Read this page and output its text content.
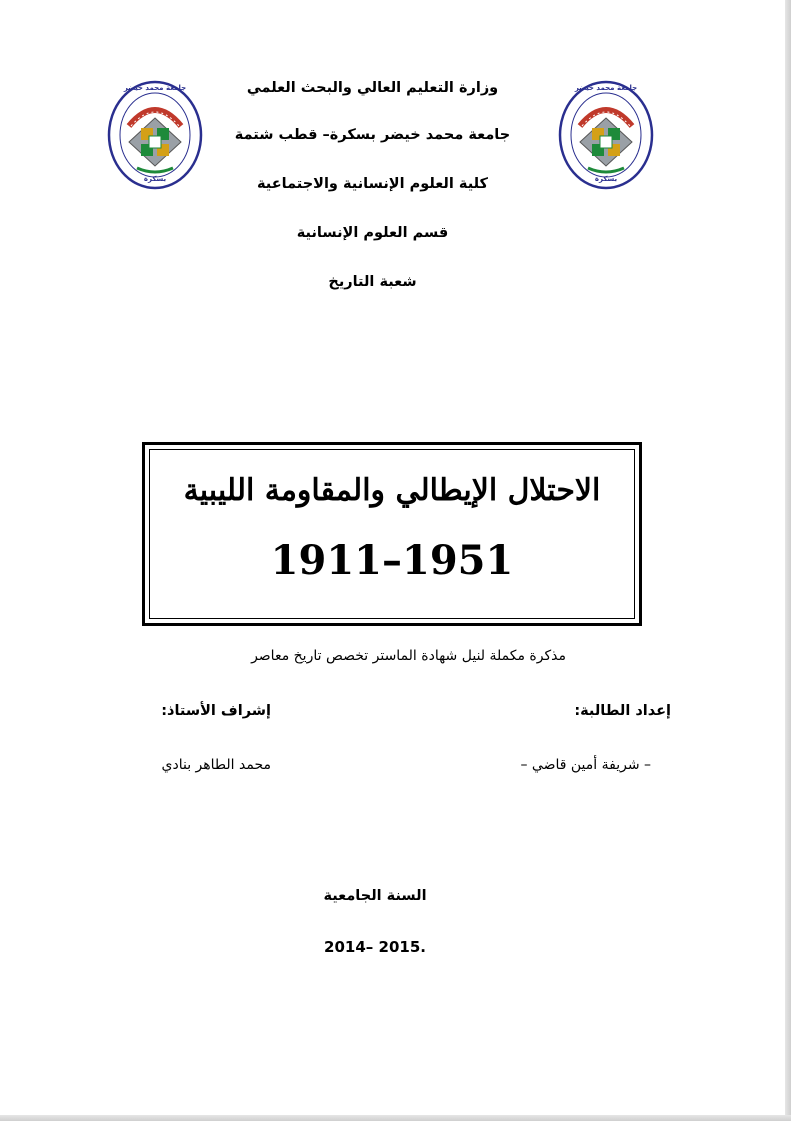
جامعة محمد خيضر
بسكرة
جامعة محمد خيضر
بسكرة
وزارة التعليم العالي والبحث العلمي
جامعة محمد خيضر بسكرة– قطب شتمة
كلية العلوم الإنسانية والاجتماعية
قسم العلوم الإنسانية
شعبة التاريخ
الاحتلال الإيطالي والمقاومة الليبية
1911–1951
مذكرة مكملة لنيل شهادة الماستر تخصص تاريخ معاصر
إعداد الطالبة:
إشراف الأستاذ:
– شريفة أمين قاضي –
محمد الطاهر بنادي
السنة الجامعية
2014– 2015.
